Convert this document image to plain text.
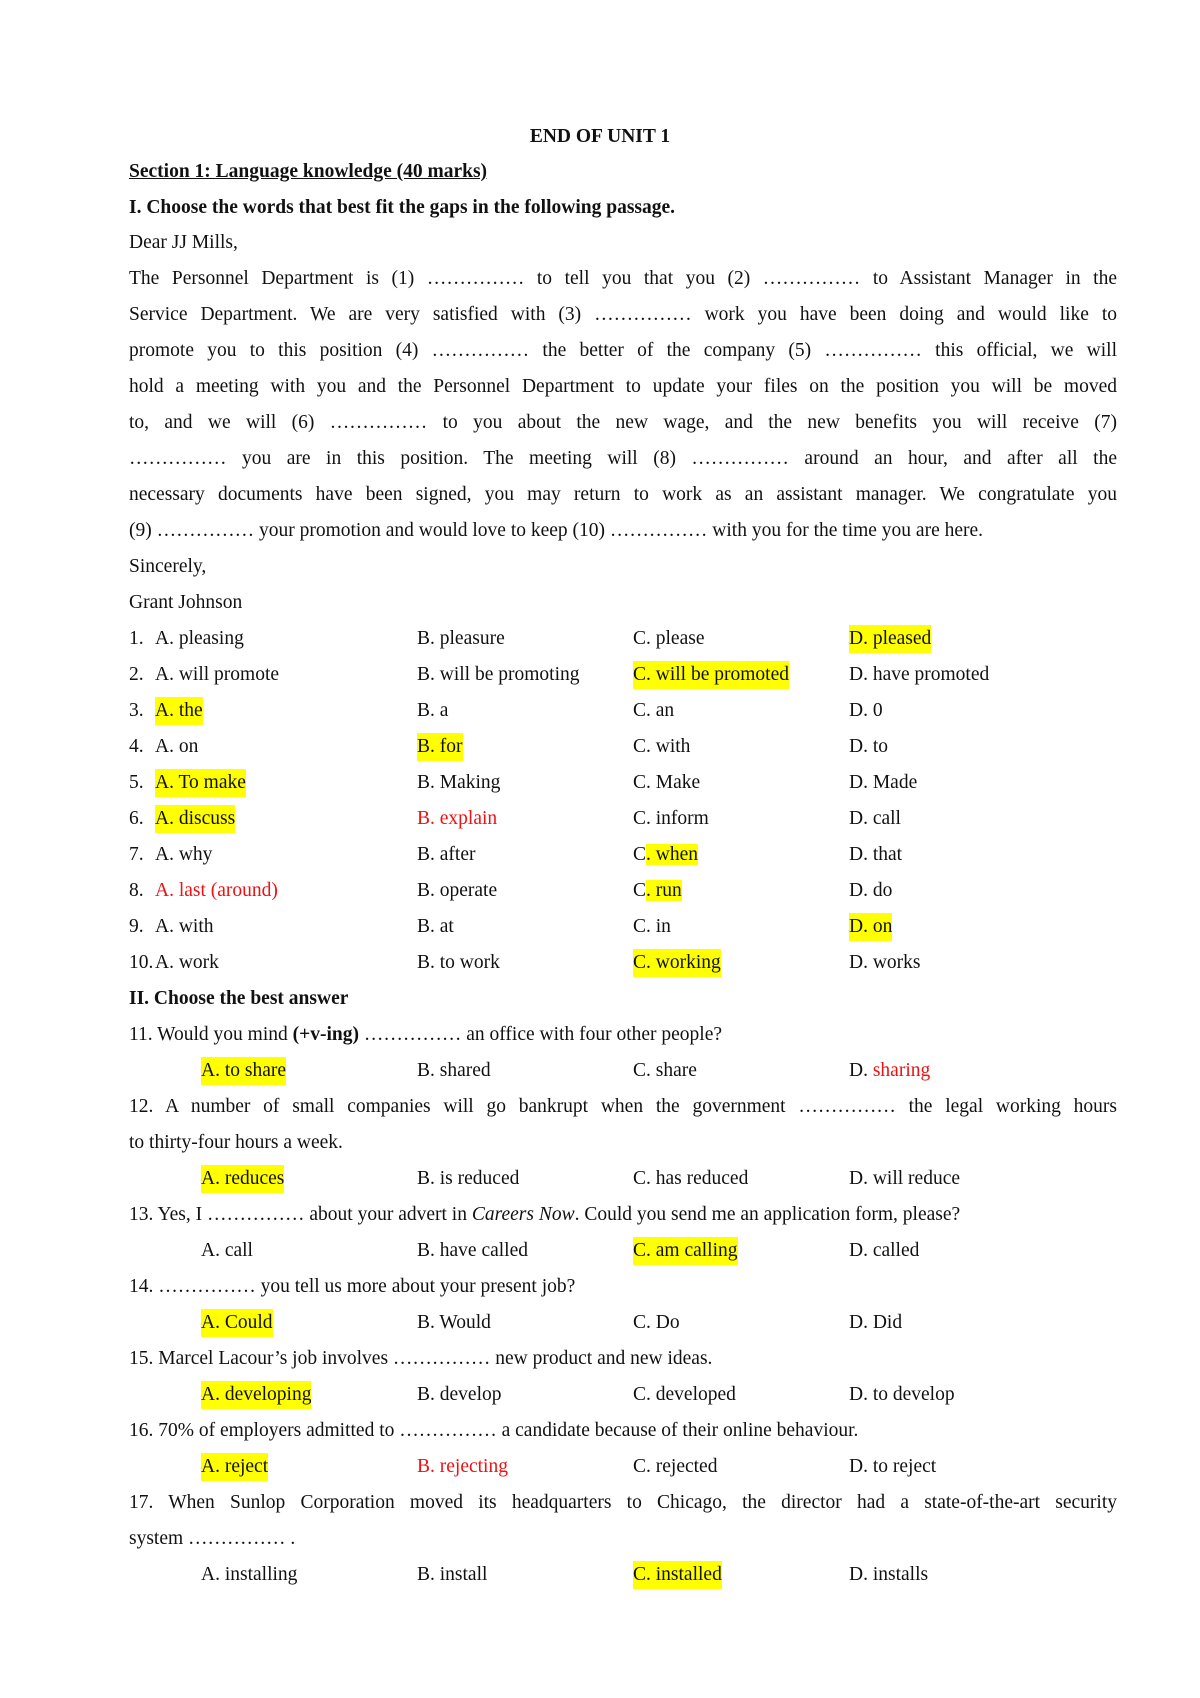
END OF UNIT 1
Section 1: Language knowledge (40 marks)
I. Choose the words that best fit the gaps in the following passage.
Dear JJ Mills,
The Personnel Department is (1) …………… to tell you that you (2) …………… to Assistant Manager in the
Service Department. We are very satisfied with (3) …………… work you have been doing and would like to
promote you to this position (4) …………… the better of the company (5) …………… this official, we will
hold a meeting with you and the Personnel Department to update your files on the position you will be moved
to, and we will (6) …………… to you about the new wage, and the new benefits you will receive (7)
…………… you are in this position. The meeting will (8) …………… around an hour, and after all the
necessary documents have been signed, you may return to work as an assistant manager. We congratulate you
(9) …………… your promotion and would love to keep (10) …………… with you for the time you are here.
Sincerely,
Grant Johnson
1. A. pleasing	B. pleasure	C. please	D. pleased
2. A. will promote	B. will be promoting	C. will be promoted	D. have promoted
3. A. the	B. a	C. an	D. 0
4. A. on	B. for	C. with	D. to
5. A. To make	B. Making	C. Make	D. Made
6. A. discuss	B. explain	C. inform	D. call
7. A. why	B. after	C. when	D. that
8. A. last (around)	B. operate	C. run	D. do
9. A. with	B. at	C. in	D. on
10. A. work	B. to work	C. working	D. works
II. Choose the best answer
11. Would you mind (+v-ing) …………… an office with four other people?
A. to share	B. shared	C. share	D. sharing
12. A number of small companies will go bankrupt when the government …………… the legal working hours
to thirty-four hours a week.
A. reduces	B. is reduced	C. has reduced	D. will reduce
13. Yes, I …………… about your advert in Careers Now. Could you send me an application form, please?
A. call	B. have called	C. am calling	D. called
14. …………… you tell us more about your present job?
A. Could	B. Would	C. Do	D. Did
15. Marcel Lacour’s job involves …………… new product and new ideas.
A. developing	B. develop	C. developed	D. to develop
16. 70% of employers admitted to …………… a candidate because of their online behaviour.
A. reject	B. rejecting	C. rejected	D. to reject
17. When Sunlop Corporation moved its headquarters to Chicago, the director had a state-of-the-art security
system …………… .
A. installing	B. install	C. installed	D. installs
